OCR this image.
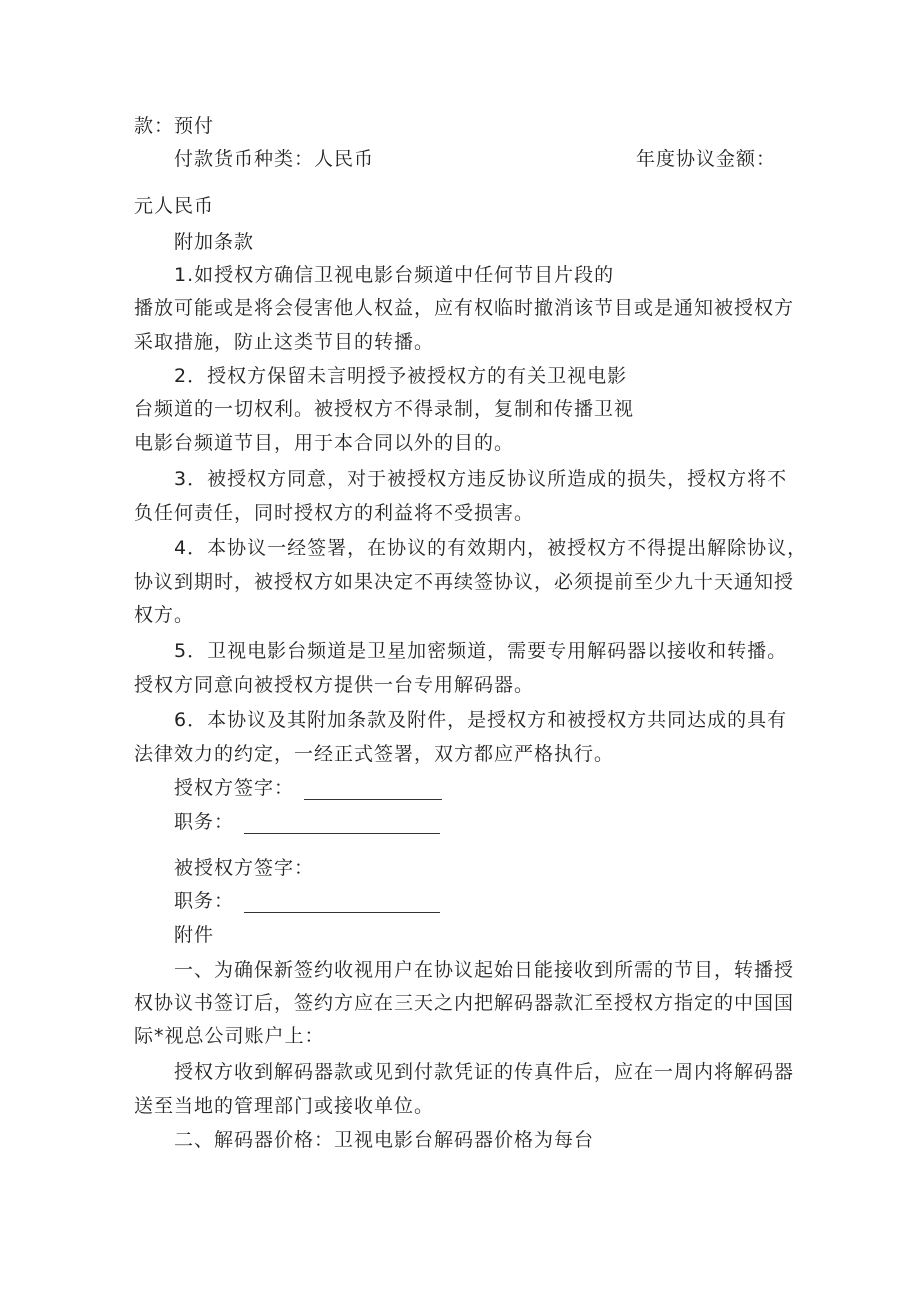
款：预付
付款货币种类：人民币	年度协议金额：
元人民币
附加条款
1.如授权方确信卫视电影台频道中任何节目片段的
播放可能或是将会侵害他人权益，应有权临时撤消该节目或是通知被授权方
采取措施，防止这类节目的转播。
2．授权方保留未言明授予被授权方的有关卫视电影
台频道的一切权利。被授权方不得录制，复制和传播卫视
电影台频道节目，用于本合同以外的目的。
3．被授权方同意，对于被授权方违反协议所造成的损失，授权方将不
负任何责任，同时授权方的利益将不受损害。
4．本协议一经签署，在协议的有效期内，被授权方不得提出解除协议，
协议到期时，被授权方如果决定不再续签协议，必须提前至少九十天通知授
权方。
5．卫视电影台频道是卫星加密频道，需要专用解码器以接收和转播。
授权方同意向被授权方提供一台专用解码器。
6．本协议及其附加条款及附件，是授权方和被授权方共同达成的具有
法律效力的约定，一经正式签署，双方都应严格执行。
授权方签字：
职务：
被授权方签字：
职务：
附件
一、为确保新签约收视用户在协议起始日能接收到所需的节目，转播授
权协议书签订后，签约方应在三天之内把解码器款汇至授权方指定的中国国
际*视总公司账户上：
授权方收到解码器款或见到付款凭证的传真件后，应在一周内将解码器
送至当地的管理部门或接收单位。
二、解码器价格：卫视电影台解码器价格为每台
